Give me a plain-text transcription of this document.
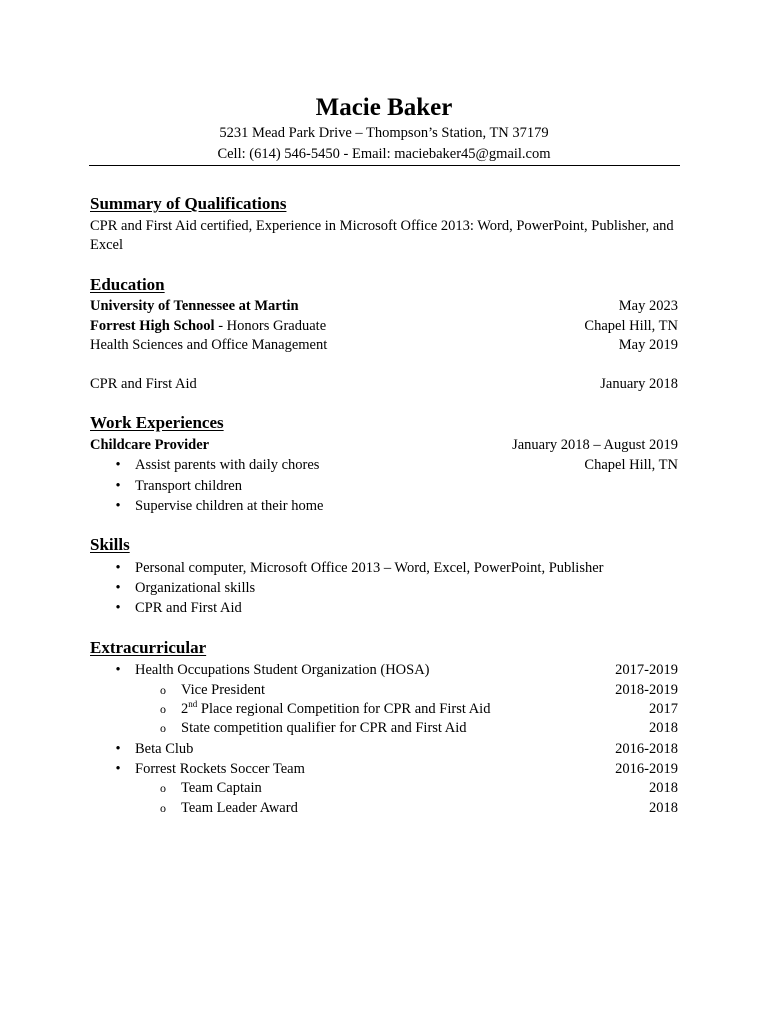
Macie Baker
5231 Mead Park Drive – Thompson’s Station, TN 37179
Cell: (614) 546-5450 - Email: maciebaker45@gmail.com
Summary of Qualifications
CPR and First Aid certified, Experience in Microsoft Office 2013: Word, PowerPoint, Publisher, and Excel
Education
University of Tennessee at Martin	May 2023
Forrest High School - Honors Graduate	Chapel Hill, TN
Health Sciences and Office Management	May 2019
CPR and First Aid	January 2018
Work Experiences
Childcare Provider	January 2018 – August 2019
• Assist parents with daily chores	Chapel Hill, TN
• Transport children
• Supervise children at their home
Skills
• Personal computer, Microsoft Office 2013 – Word, Excel, PowerPoint, Publisher
• Organizational skills
• CPR and First Aid
Extracurricular
• Health Occupations Student Organization (HOSA)	2017-2019
o Vice President	2018-2019
o 2nd Place regional Competition for CPR and First Aid	2017
o State competition qualifier for CPR and First Aid	2018
• Beta Club	2016-2018
• Forrest Rockets Soccer Team	2016-2019
o Team Captain	2018
o Team Leader Award	2018
